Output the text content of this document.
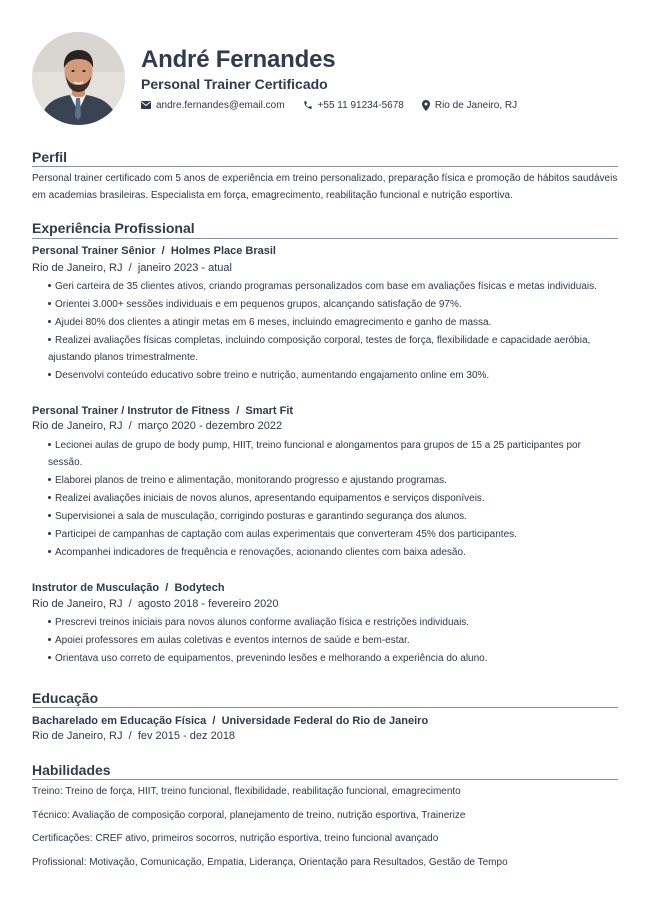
André Fernandes
Personal Trainer Certificado
andre.fernandes@email.com	+55 11 91234-5678	Rio de Janeiro, RJ
Perfil
Personal trainer certificado com 5 anos de experiência em treino personalizado, preparação física e promoção de hábitos saudáveis em academias brasileiras. Especialista em força, emagrecimento, reabilitação funcional e nutrição esportiva.
Experiência Profissional
Personal Trainer Sênior / Holmes Place Brasil
Rio de Janeiro, RJ / janeiro 2023 - atual
Geri carteira de 35 clientes ativos, criando programas personalizados com base em avaliações físicas e metas individuais.
Orientei 3.000+ sessões individuais e em pequenos grupos, alcançando satisfação de 97%.
Ajudei 80% dos clientes a atingir metas em 6 meses, incluindo emagrecimento e ganho de massa.
Realizei avaliações físicas completas, incluindo composição corporal, testes de força, flexibilidade e capacidade aeróbia, ajustando planos trimestralmente.
Desenvolvi conteúdo educativo sobre treino e nutrição, aumentando engajamento online em 30%.
Personal Trainer / Instrutor de Fitness / Smart Fit
Rio de Janeiro, RJ / março 2020 - dezembro 2022
Lecionei aulas de grupo de body pump, HIIT, treino funcional e alongamentos para grupos de 15 a 25 participantes por sessão.
Elaborei planos de treino e alimentação, monitorando progresso e ajustando programas.
Realizei avaliações iniciais de novos alunos, apresentando equipamentos e serviços disponíveis.
Supervisionei a sala de musculação, corrigindo posturas e garantindo segurança dos alunos.
Participei de campanhas de captação com aulas experimentais que converteram 45% dos participantes.
Acompanhei indicadores de frequência e renovações, acionando clientes com baixa adesão.
Instrutor de Musculação / Bodytech
Rio de Janeiro, RJ / agosto 2018 - fevereiro 2020
Prescrevi treinos iniciais para novos alunos conforme avaliação física e restrições individuais.
Apoiei professores em aulas coletivas e eventos internos de saúde e bem-estar.
Orientava uso correto de equipamentos, prevenindo lesões e melhorando a experiência do aluno.
Educação
Bacharelado em Educação Física / Universidade Federal do Rio de Janeiro
Rio de Janeiro, RJ / fev 2015 - dez 2018
Habilidades
Treino: Treino de força, HIIT, treino funcional, flexibilidade, reabilitação funcional, emagrecimento
Técnico: Avaliação de composição corporal, planejamento de treino, nutrição esportiva, Trainerize
Certificações: CREF ativo, primeiros socorros, nutrição esportiva, treino funcional avançado
Profissional: Motivação, Comunicação, Empatia, Liderança, Orientação para Resultados, Gestão de Tempo
